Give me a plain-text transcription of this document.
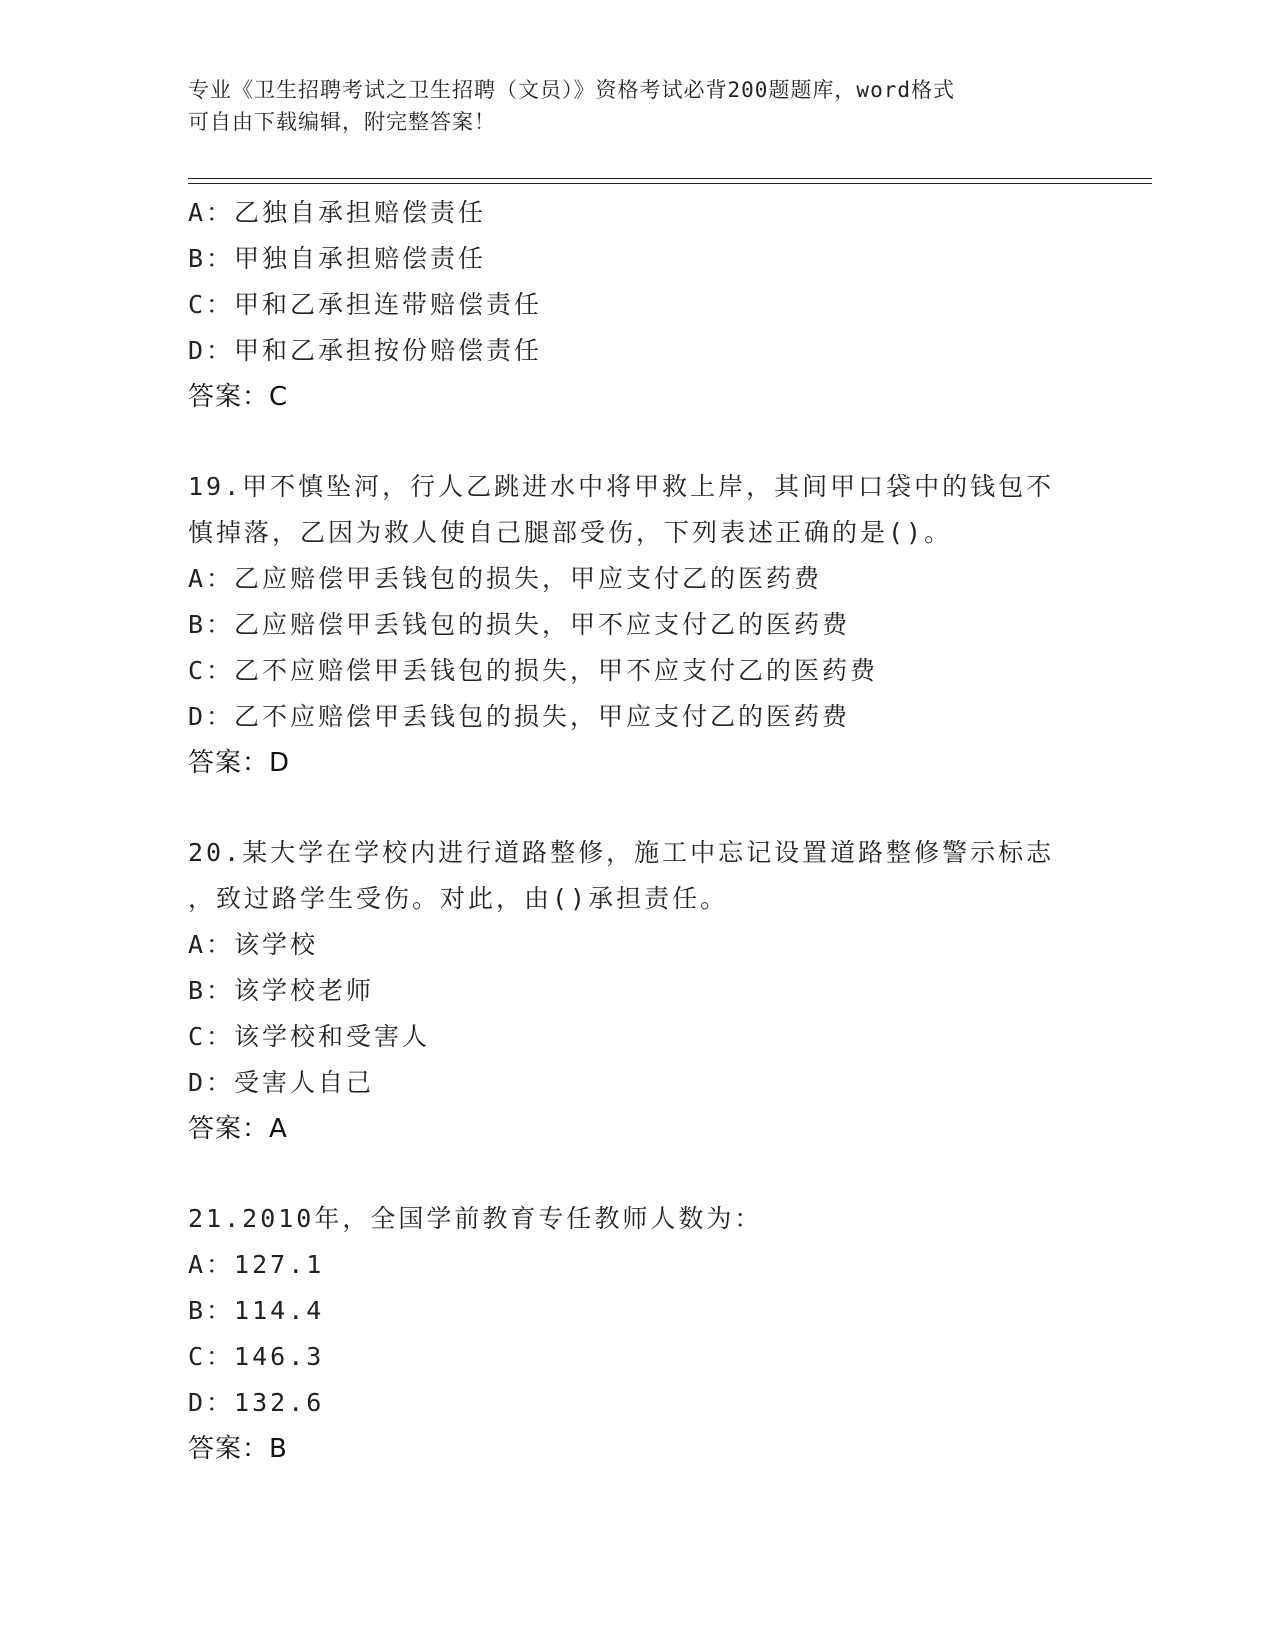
专业《卫生招聘考试之卫生招聘（文员）》资格考试必背200题题库，word格式
可自由下载编辑，附完整答案！
A：乙独自承担赔偿责任
B：甲独自承担赔偿责任
C：甲和乙承担连带赔偿责任
D：甲和乙承担按份赔偿责任
答案：C
19.甲不慎坠河，行人乙跳进水中将甲救上岸，其间甲口袋中的钱包不
慎掉落，乙因为救人使自己腿部受伤，下列表述正确的是()。
A：乙应赔偿甲丢钱包的损失，甲应支付乙的医药费
B：乙应赔偿甲丢钱包的损失，甲不应支付乙的医药费
C：乙不应赔偿甲丢钱包的损失，甲不应支付乙的医药费
D：乙不应赔偿甲丢钱包的损失，甲应支付乙的医药费
答案：D
20.某大学在学校内进行道路整修，施工中忘记设置道路整修警示标志
，致过路学生受伤。对此，由()承担责任。
A：该学校
B：该学校老师
C：该学校和受害人
D：受害人自己
答案：A
21.2010年，全国学前教育专任教师人数为：
A：127.1
B：114.4
C：146.3
D：132.6
答案：B
